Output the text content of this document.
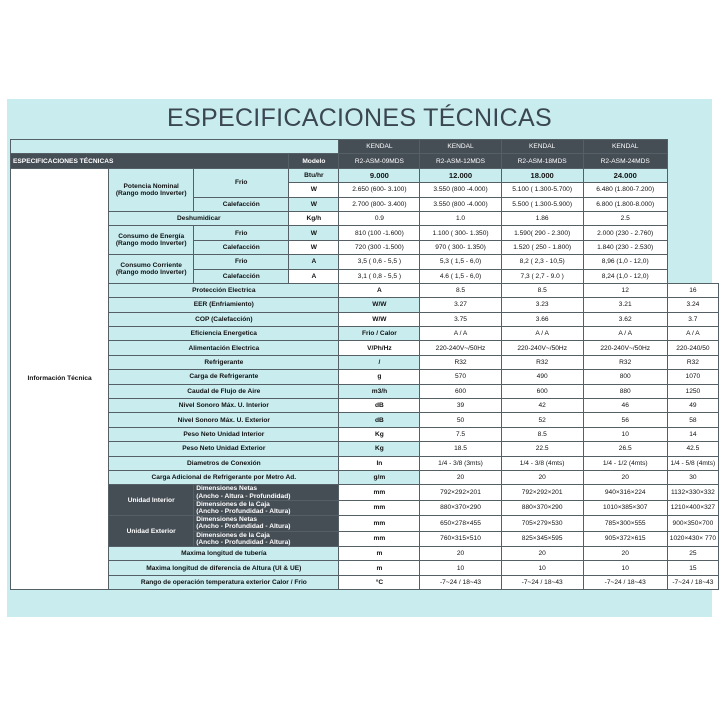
ESPECIFICACIONES TÉCNICAS
				KENDAL	KENDAL	KENDAL	KENDAL	
ESPECIFICACIONES TÉCNICAS			Modelo	R2-ASM-09MDS	R2-ASM-12MDS	R2-ASM-18MDS	R2-ASM-24MDS	
Información Técnica	Potencia Nominal
(Rango modo Inverter)	Frio	Btu/hr	9.000	12.000	18.000	24.000	
			W	2.650 (600- 3.100)	3.550 (800 -4.000)	5.100 ( 1.300-5.700)	6.480 (1.800-7.200)	
		Calefacción	W	2.700 (800- 3.400)	3.550 (800 -4.000)	5.500 ( 1.300-5.900)	6.800 (1.800-8.000)	
	Deshumidicar		Kg/h	0.9	1.0	1.86	2.5	
	Consumo de Energía
(Rango modo Inverter)	Frio	W	810 (100 -1.600)	1.100 ( 300- 1.350)	1.590( 290 - 2.300)	2.000 (230 - 2.760)	
		Calefacción	W	720 (300 -1.500)	970 ( 300- 1.350)	1.520 ( 250 - 1.800)	1.840 (230 - 2.530)	
	Consumo Corriente
(Rango modo Inverter)	Frio	A	3,5 ( 0,6 - 5,5 )	5,3 ( 1,5 - 6,0)	8,2 ( 2,3 - 10,5)	8,96 (1,0 - 12,0)	
		Calefacción	A	3,1 ( 0,8 - 5,5 )	4.6 ( 1,5 - 6,0)	7,3 ( 2,7 - 9.0 )	8,24 (1,0 - 12,0)	
	Protección Electrica			A	8.5	8.5	12	16
	EER (Enfriamiento)			W/W	3.27	3.23	3.21	3.24
	COP (Calefacción)			W/W	3.75	3.66	3.62	3.7
	Eficiencia Energetica			Frio / Calor	A / A	A / A	A / A	A / A
	Alimentación Electrica			V/Ph/Hz	220-240V~/50Hz	220-240V~/50Hz	220-240V~/50Hz	220-240/50
	Refrigerante			/	R32	R32	R32	R32
	Carga de Refrigerante			g	570	490	800	1070
	Caudal de Flujo de Aire			m3/h	600	600	880	1250
	Nivel Sonoro Máx. U. Interior			dB	39	42	46	49
	Nivel Sonoro Máx. U. Exterior			dB	50	52	56	58
	Peso Neto Unidad Interior			Kg	7.5	8.5	10	14
	Peso Neto Unidad Exterior			Kg	18.5	22.5	26.5	42.5
	Diametros de Conexión			In	1/4 - 3/8 (3mts)	1/4 - 3/8 (4mts)	1/4 - 1/2 (4mts)	1/4 - 5/8 (4mts)
	Carga Adicional de Refrigerante por Metro Ad.			g/m	20	20	20	30
	Unidad Interior	Dimensiones Netas
(Ancho - Altura - Profundidad)		mm	792×292×201	792×292×201	940×316×224	1132×330×332
		Dimensiones de la Caja
(Ancho - Profundidad - Altura)		mm	880×370×290	880×370×290	1010×385×307	1210×400×327
	Unidad Exterior	Dimensiones Netas
(Ancho - Profundidad - Altura)		mm	650×278×455	705×279×530	785×300×555	900×350×700
		Dimensiones de la Caja
(Ancho - Profundidad - Altura)		mm	760×315×510	825×345×595	905×372×615	1020×430× 770
	Maxima longitud de tubería			m	20	20	20	25
	Maxima longitud de diferencia de Altura (UI & UE)			m	10	10	10	15
	Rango de operación temperatura exterior Calor / Frio			°C	-7~24 / 18~43	-7~24 / 18~43	-7~24 / 18~43	-7~24 / 18~43
